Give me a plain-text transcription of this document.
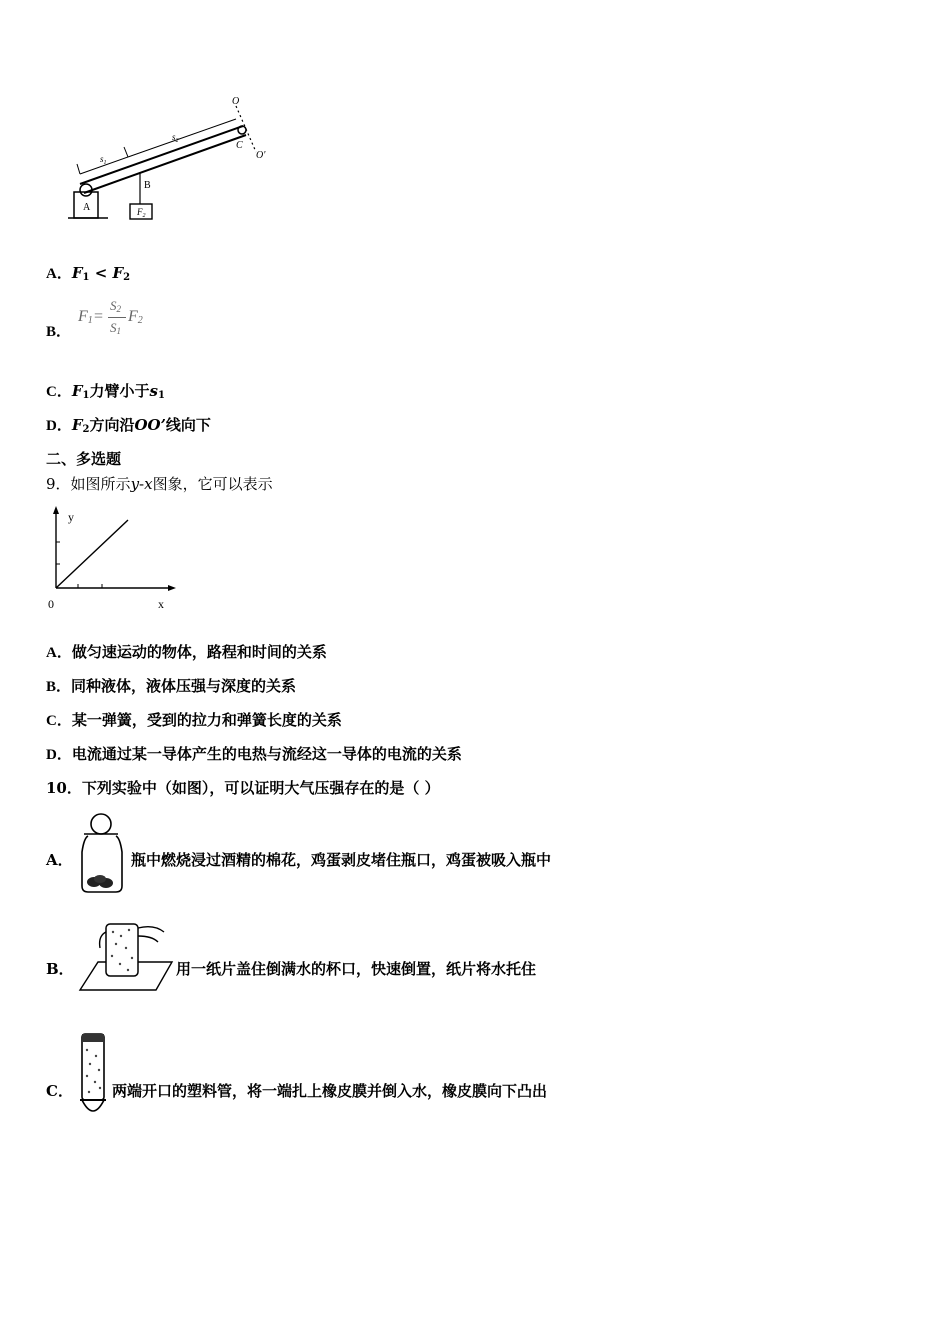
O
C
O'
A
B
$F_2$
$s_1$
$s_2$
A．$F_1 < F_2$
B．
$F_1$ =
$S_2$
$S_1$
$F_2$
C．$F_1$力臂小于$s_1$
D．$F_2$方向沿OO’线向下
二、多选题
9．如图所示y-x图象，它可以表示
y
x
0
A．做匀速运动的物体，路程和时间的关系
B．同种液体，液体压强与深度的关系
C．某一弹簧，受到的拉力和弹簧长度的关系
D．电流通过某一导体产生的电热与流经这一导体的电流的关系
10．下列实验中（如图），可以证明大气压强存在的是（ ）
A．	瓶中燃烧浸过酒精的棉花，鸡蛋剥皮堵住瓶口，鸡蛋被吸入瓶中
B．	用一纸片盖住倒满水的杯口，快速倒置，纸片将水托住
C．	两端开口的塑料管，将一端扎上橡皮膜并倒入水，橡皮膜向下凸出
